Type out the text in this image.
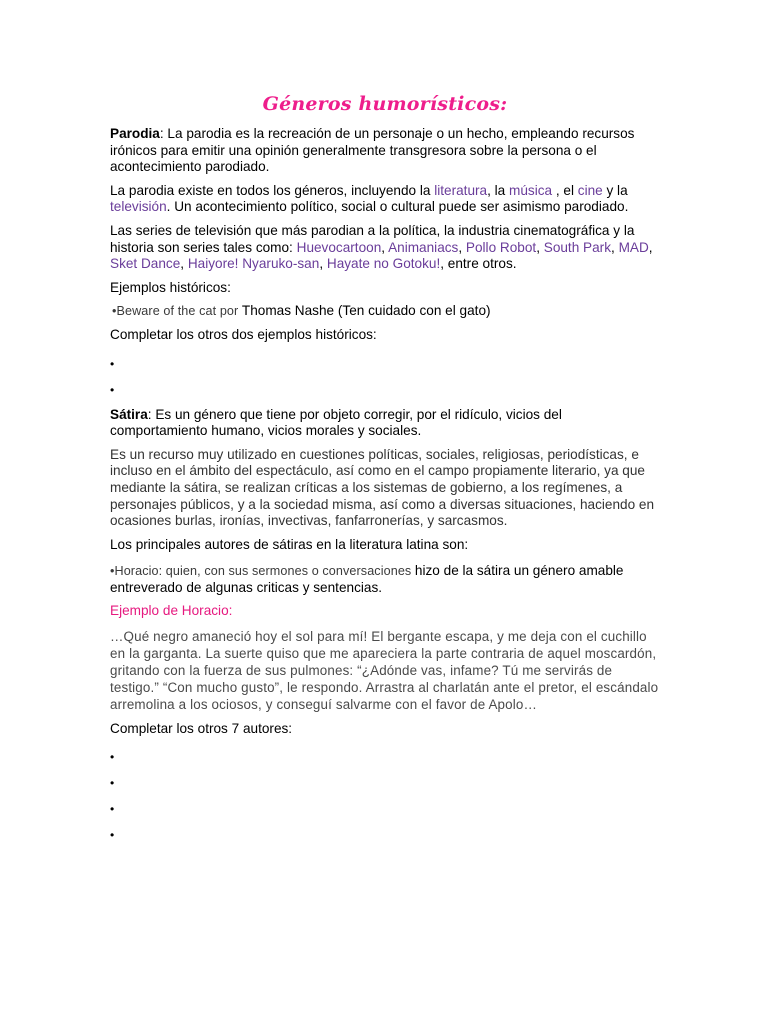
Géneros humorísticos:

Parodia: La parodia es la recreación de un personaje o un hecho, empleando recursos irónicos para emitir una opinión generalmente transgresora sobre la persona o el acontecimiento parodiado.

La parodia existe en todos los géneros, incluyendo la literatura, la música , el cine y la televisión. Un acontecimiento político, social o cultural puede ser asimismo parodiado.

Las series de televisión que más parodian a la política, la industria cinematográfica y la historia son series tales como: Huevocartoon, Animaniacs, Pollo Robot, South Park, MAD, Sket Dance, Haiyore! Nyaruko-san, Hayate no Gotoku!, entre otros.

Ejemplos históricos:

•Beware of the cat por Thomas Nashe (Ten cuidado con el gato)

Completar los otros dos ejemplos históricos:

•
•

Sátira: Es un género que tiene por objeto corregir, por el ridículo, vicios del comportamiento humano, vicios morales y sociales.

Es un recurso muy utilizado en cuestiones políticas, sociales, religiosas, periodísticas, e incluso en el ámbito del espectáculo, así como en el campo propiamente literario, ya que mediante la sátira, se realizan críticas a los sistemas de gobierno, a los regímenes, a personajes públicos, y a la sociedad misma, así como a diversas situaciones, haciendo en ocasiones burlas, ironías, invectivas, fanfarronerías, y sarcasmos.

Los principales autores de sátiras en la literatura latina son:

•Horacio: quien, con sus sermones o conversaciones hizo de la sátira un género amable entreverado de algunas criticas y sentencias.

Ejemplo de Horacio:

…Qué negro amaneció hoy el sol para mí! El bergante escapa, y me deja con el cuchillo en la garganta. La suerte quiso que me apareciera la parte contraria de aquel moscardón, gritando con la fuerza de sus pulmones: “¿Adónde vas, infame? Tú me servirás de testigo.” “Con mucho gusto”, le respondo. Arrastra al charlatán ante el pretor, el escándalo arremolina a los ociosos, y conseguí salvarme con el favor de Apolo…

Completar los otros 7 autores:

•
•
•
•
